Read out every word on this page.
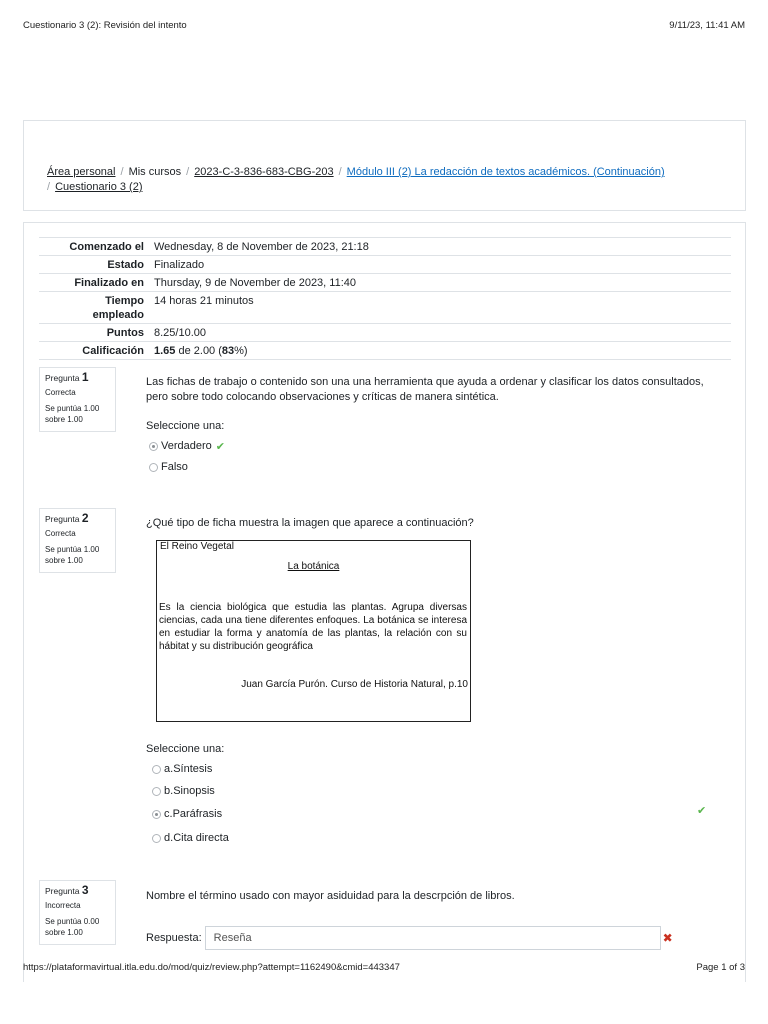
Cuestionario 3 (2): Revisión del intento	9/11/23, 11:41 AM
Área personal / Mis cursos / 2023-C-3-836-683-CBG-203 / Módulo III (2) La redacción de textos académicos. (Continuación)
/ Cuestionario 3 (2)
Comenzado el	Wednesday, 8 de November de 2023, 21:18
Estado	Finalizado
Finalizado en	Thursday, 9 de November de 2023, 11:40
Tiempo empleado	14 horas 21 minutos
Puntos	8.25/10.00
Calificación	1.65 de 2.00 (83%)
Pregunta 1
Correcta
Se puntúa 1.00 sobre 1.00
Las fichas de trabajo o contenido son una una herramienta que ayuda a ordenar y clasificar los datos consultados, pero sobre todo colocando observaciones y críticas de manera sintética.
Seleccione una:
Verdadero ✔
Falso
Pregunta 2
Correcta
Se puntúa 1.00 sobre 1.00
¿Qué tipo de ficha muestra la imagen que aparece a continuación?
El Reino Vegetal
La botánica
Es la ciencia biológica que estudia las plantas. Agrupa diversas ciencias, cada una tiene diferentes enfoques. La botánica se interesa en estudiar la forma y anatomía de las plantas, la relación con su hábitat y su distribución geográfica
Juan García Purón. Curso de Historia Natural, p.10
Seleccione una:
a. Síntesis
b. Sinopsis
c. Paráfrasis	✔
d. Cita directa
Pregunta 3
Incorrecta
Se puntúa 0.00 sobre 1.00
Nombre el término usado con mayor asiduidad para la descrpción de libros.
Respuesta:	Reseña	✖
https://plataformavirtual.itla.edu.do/mod/quiz/review.php?attempt=1162490&cmid=443347	Page 1 of 3
